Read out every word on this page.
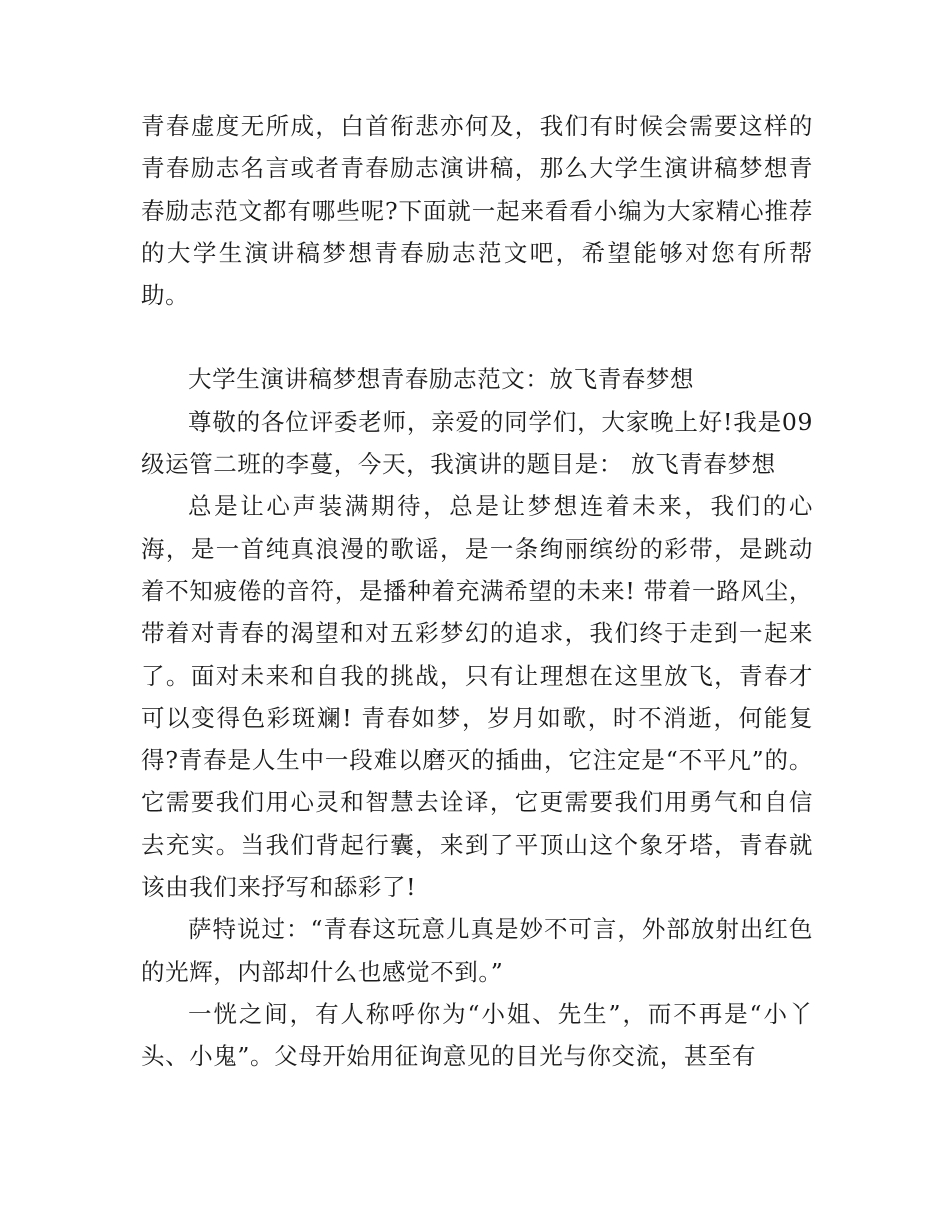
青春虚度无所成，白首衔悲亦何及，我们有时候会需要这样的青春励志名言或者青春励志演讲稿，那么大学生演讲稿梦想青春励志范文都有哪些呢?下面就一起来看看小编为大家精心推荐的大学生演讲稿梦想青春励志范文吧，希望能够对您有所帮助。

大学生演讲稿梦想青春励志范文：放飞青春梦想

尊敬的各位评委老师，亲爱的同学们，大家晚上好!我是09级运管二班的李蔓，今天，我演讲的题目是： 放飞青春梦想

总是让心声装满期待，总是让梦想连着未来，我们的心海，是一首纯真浪漫的歌谣，是一条绚丽缤纷的彩带，是跳动着不知疲倦的音符，是播种着充满希望的未来! 带着一路风尘，带着对青春的渴望和对五彩梦幻的追求，我们终于走到一起来了。面对未来和自我的挑战，只有让理想在这里放飞，青春才可以变得色彩斑斓! 青春如梦，岁月如歌，时不消逝，何能复得?青春是人生中一段难以磨灭的插曲，它注定是“不平凡”的。它需要我们用心灵和智慧去诠译，它更需要我们用勇气和自信去充实。当我们背起行囊，来到了平顶山这个象牙塔，青春就该由我们来抒写和舔彩了!

萨特说过：“青春这玩意儿真是妙不可言，外部放射出红色的光辉，内部却什么也感觉不到。”

一恍之间，有人称呼你为“小姐、先生”，而不再是“小丫头、小鬼”。父母开始用征询意见的目光与你交流，甚至有
